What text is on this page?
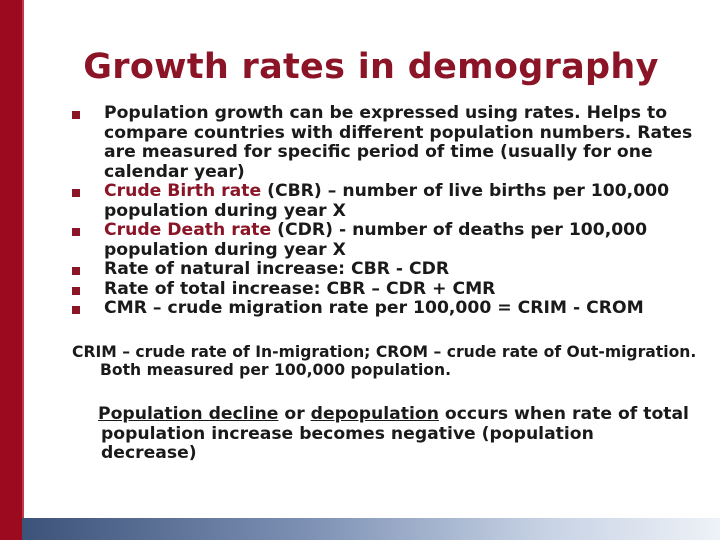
Growth rates in demography
Population growth can be expressed using rates. Helps to compare countries with different population numbers. Rates are measured for specific period of time (usually for one calendar year)
Crude Birth rate (CBR) – number of live births per 100,000 population during year X
Crude Death rate (CDR) - number of deaths per 100,000 population during year X
Rate of natural increase: CBR - CDR
Rate of total increase: CBR – CDR + CMR
CMR – crude migration rate per 100,000 = CRIM - CROM
CRIM – crude rate of In-migration; CROM – crude rate of Out-migration. Both measured per 100,000 population.
Population decline or depopulation occurs when rate of total population increase becomes negative (population decrease)
